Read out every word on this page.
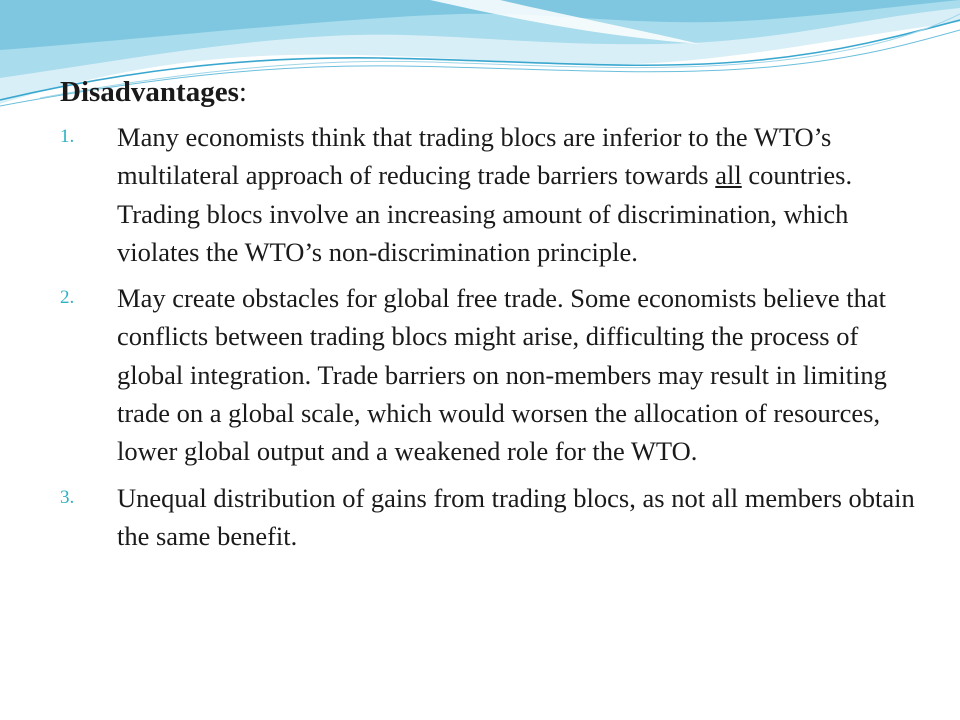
Disadvantages:
1. Many economists think that trading blocs are inferior to the WTO’s multilateral approach of reducing trade barriers towards all countries. Trading blocs involve an increasing amount of discrimination, which violates the WTO’s non-discrimination principle.
2. May create obstacles for global free trade. Some economists believe that conflicts between trading blocs might arise, difficulting the process of global integration. Trade barriers on non-members may result in limiting trade on a global scale, which would worsen the allocation of resources, lower global output and a weakened role for the WTO.
3. Unequal distribution of gains from trading blocs, as not all members obtain the same benefit.
